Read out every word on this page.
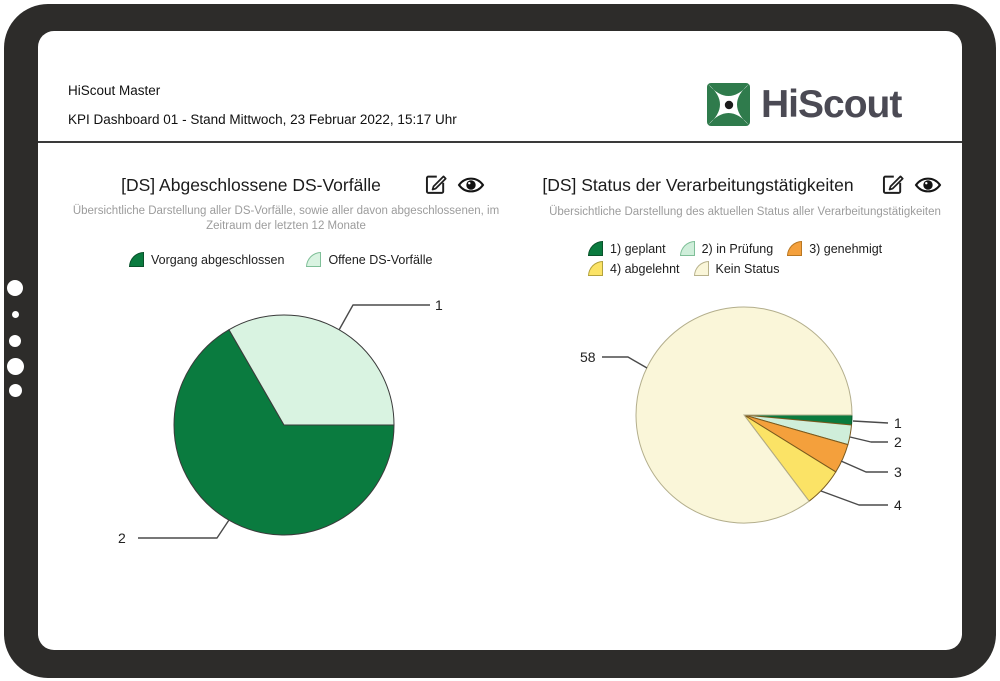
HiScout Master
KPI Dashboard 01 - Stand Mittwoch, 23 Februar 2022, 15:17 Uhr	HiScout
[DS] Abgeschlossene DS-Vorfälle
Übersichtliche Darstellung aller DS-Vorfälle, sowie aller davon abgeschlossenen, im Zeitraum der letzten 12 Monate
Vorgang abgeschlossen	Offene DS-Vorfälle
1
2
[DS] Status der Verarbeitungstätigkeiten
Übersichtliche Darstellung des aktuellen Status aller Verarbeitungstätigkeiten
1) geplant	2) in Prüfung	3) genehmigt
4) abgelehnt	Kein Status
58
1
2
3
4
